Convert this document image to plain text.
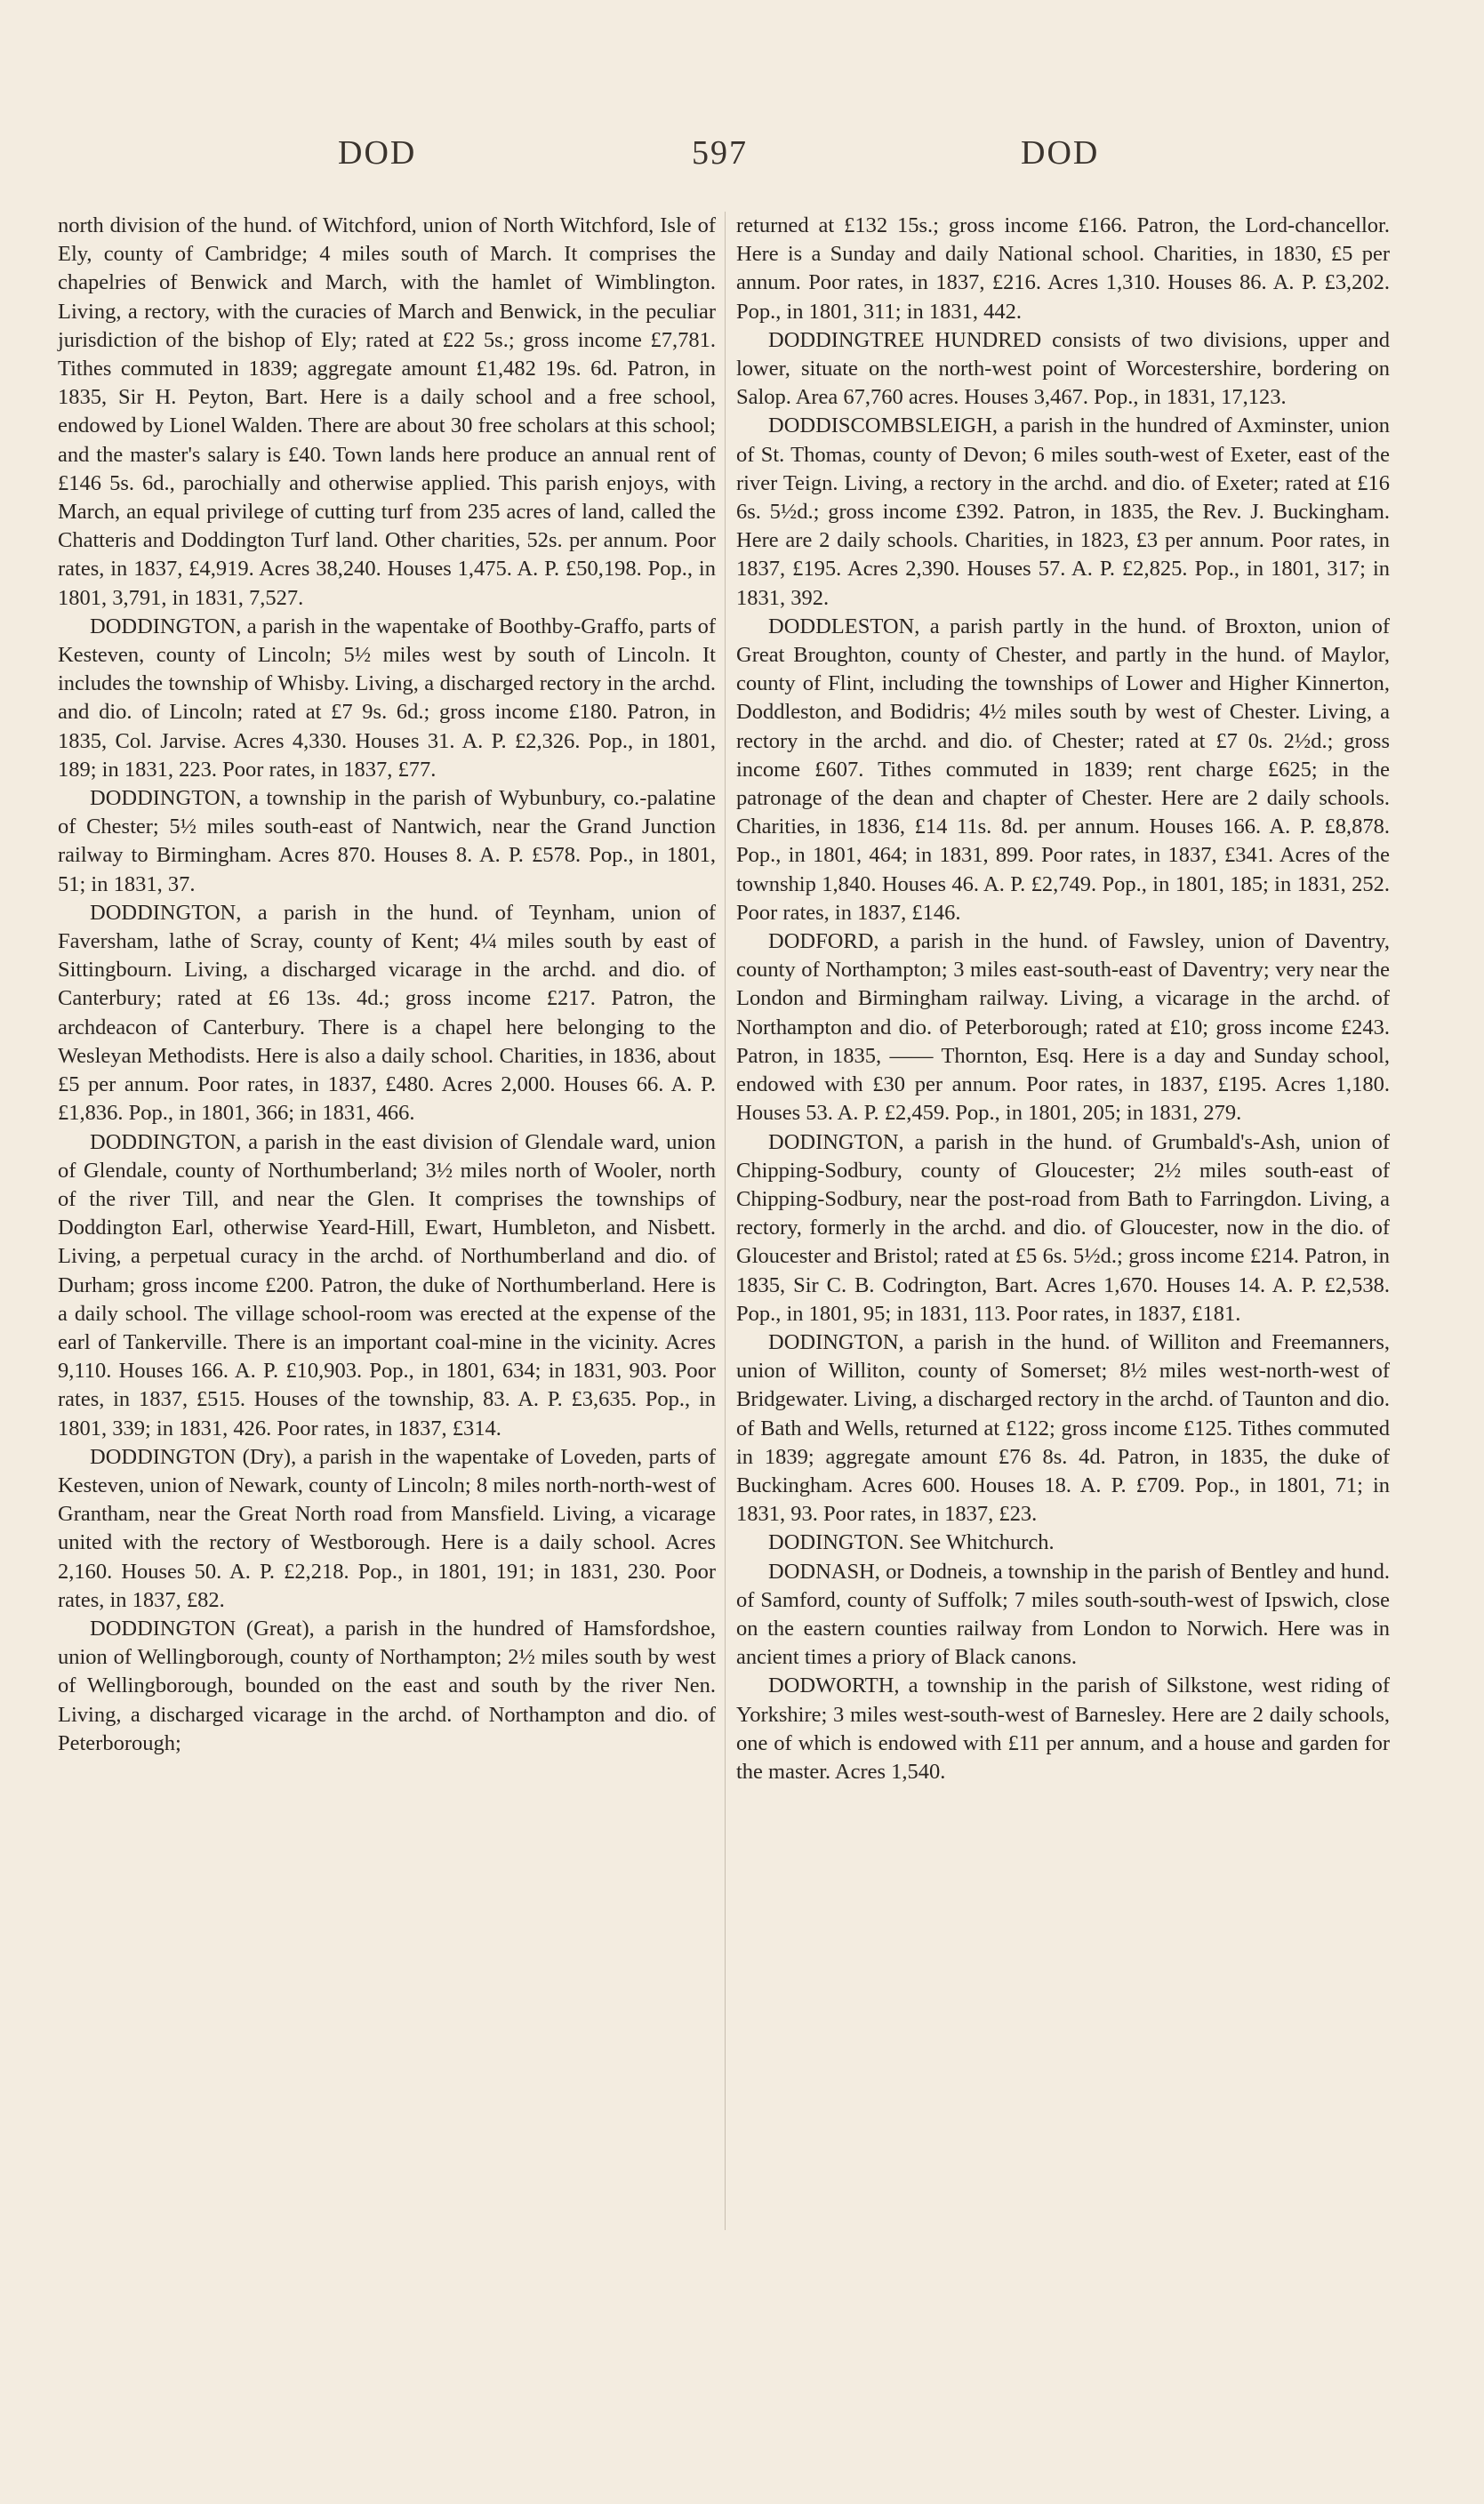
DOD	597	DOD

north division of the hund. of Witchford, union of North Witchford, Isle of Ely, county of Cambridge; 4 miles south of March. It comprises the chapelries of Benwick and March, with the hamlet of Wimblington. Living, a rectory, with the curacies of March and Benwick, in the peculiar jurisdiction of the bishop of Ely; rated at £22 5s.; gross income £7,781. Tithes commuted in 1839; aggregate amount £1,482 19s. 6d. Patron, in 1835, Sir H. Peyton, Bart. Here is a daily school and a free school, endowed by Lionel Walden. There are about 30 free scholars at this school; and the master's salary is £40. Town lands here produce an annual rent of £146 5s. 6d., parochially and otherwise applied. This parish enjoys, with March, an equal privilege of cutting turf from 235 acres of land, called the Chatteris and Doddington Turf land. Other charities, 52s. per annum. Poor rates, in 1837, £4,919. Acres 38,240. Houses 1,475. A. P. £50,198. Pop., in 1801, 3,791, in 1831, 7,527.

DODDINGTON, a parish in the wapentake of Boothby-Graffo, parts of Kesteven, county of Lincoln; 5½ miles west by south of Lincoln. It includes the township of Whisby. Living, a discharged rectory in the archd. and dio. of Lincoln; rated at £7 9s. 6d.; gross income £180. Patron, in 1835, Col. Jarvise. Acres 4,330. Houses 31. A. P. £2,326. Pop., in 1801, 189; in 1831, 223. Poor rates, in 1837, £77.

DODDINGTON, a township in the parish of Wybunbury, co.-palatine of Chester; 5½ miles south-east of Nantwich, near the Grand Junction railway to Birmingham. Acres 870. Houses 8. A. P. £578. Pop., in 1801, 51; in 1831, 37.

DODDINGTON, a parish in the hund. of Teynham, union of Faversham, lathe of Scray, county of Kent; 4¼ miles south by east of Sittingbourn. Living, a discharged vicarage in the archd. and dio. of Canterbury; rated at £6 13s. 4d.; gross income £217. Patron, the archdeacon of Canterbury. There is a chapel here belonging to the Wesleyan Methodists. Here is also a daily school. Charities, in 1836, about £5 per annum. Poor rates, in 1837, £480. Acres 2,000. Houses 66. A. P. £1,836. Pop., in 1801, 366; in 1831, 466.

DODDINGTON, a parish in the east division of Glendale ward, union of Glendale, county of Northumberland; 3½ miles north of Wooler, north of the river Till, and near the Glen. It comprises the townships of Doddington Earl, otherwise Yeard-Hill, Ewart, Humbleton, and Nisbett. Living, a perpetual curacy in the archd. of Northumberland and dio. of Durham; gross income £200. Patron, the duke of Northumberland. Here is a daily school. The village school-room was erected at the expense of the earl of Tankerville. There is an important coal-mine in the vicinity. Acres 9,110. Houses 166. A. P. £10,903. Pop., in 1801, 634; in 1831, 903. Poor rates, in 1837, £515. Houses of the township, 83. A. P. £3,635. Pop., in 1801, 339; in 1831, 426. Poor rates, in 1837, £314.

DODDINGTON (Dry), a parish in the wapentake of Loveden, parts of Kesteven, union of Newark, county of Lincoln; 8 miles north-north-west of Grantham, near the Great North road from Mansfield. Living, a vicarage united with the rectory of Westborough. Here is a daily school. Acres 2,160. Houses 50. A. P. £2,218. Pop., in 1801, 191; in 1831, 230. Poor rates, in 1837, £82.

DODDINGTON (Great), a parish in the hundred of Hamsfordshoe, union of Wellingborough, county of Northampton; 2½ miles south by west of Wellingborough, bounded on the east and south by the river Nen. Living, a discharged vicarage in the archd. of Northampton and dio. of Peterborough;

returned at £132 15s.; gross income £166. Patron, the Lord-chancellor. Here is a Sunday and daily National school. Charities, in 1830, £5 per annum. Poor rates, in 1837, £216. Acres 1,310. Houses 86. A. P. £3,202. Pop., in 1801, 311; in 1831, 442.

DODDINGTREE HUNDRED consists of two divisions, upper and lower, situate on the north-west point of Worcestershire, bordering on Salop. Area 67,760 acres. Houses 3,467. Pop., in 1831, 17,123.

DODDISCOMBSLEIGH, a parish in the hundred of Axminster, union of St. Thomas, county of Devon; 6 miles south-west of Exeter, east of the river Teign. Living, a rectory in the archd. and dio. of Exeter; rated at £16 6s. 5½d.; gross income £392. Patron, in 1835, the Rev. J. Buckingham. Here are 2 daily schools. Charities, in 1823, £3 per annum. Poor rates, in 1837, £195. Acres 2,390. Houses 57. A. P. £2,825. Pop., in 1801, 317; in 1831, 392.

DODDLESTON, a parish partly in the hund. of Broxton, union of Great Broughton, county of Chester, and partly in the hund. of Maylor, county of Flint, including the townships of Lower and Higher Kinnerton, Doddleston, and Bodidris; 4½ miles south by west of Chester. Living, a rectory in the archd. and dio. of Chester; rated at £7 0s. 2½d.; gross income £607. Tithes commuted in 1839; rent charge £625; in the patronage of the dean and chapter of Chester. Here are 2 daily schools. Charities, in 1836, £14 11s. 8d. per annum. Houses 166. A. P. £8,878. Pop., in 1801, 464; in 1831, 899. Poor rates, in 1837, £341. Acres of the township 1,840. Houses 46. A. P. £2,749. Pop., in 1801, 185; in 1831, 252. Poor rates, in 1837, £146.

DODFORD, a parish in the hund. of Fawsley, union of Daventry, county of Northampton; 3 miles east-south-east of Daventry; very near the London and Birmingham railway. Living, a vicarage in the archd. of Northampton and dio. of Peterborough; rated at £10; gross income £243. Patron, in 1835, —— Thornton, Esq. Here is a day and Sunday school, endowed with £30 per annum. Poor rates, in 1837, £195. Acres 1,180. Houses 53. A. P. £2,459. Pop., in 1801, 205; in 1831, 279.

DODINGTON, a parish in the hund. of Grumbald's-Ash, union of Chipping-Sodbury, county of Gloucester; 2½ miles south-east of Chipping-Sodbury, near the post-road from Bath to Farringdon. Living, a rectory, formerly in the archd. and dio. of Gloucester, now in the dio. of Gloucester and Bristol; rated at £5 6s. 5½d.; gross income £214. Patron, in 1835, Sir C. B. Codrington, Bart. Acres 1,670. Houses 14. A. P. £2,538. Pop., in 1801, 95; in 1831, 113. Poor rates, in 1837, £181.

DODINGTON, a parish in the hund. of Williton and Freemanners, union of Williton, county of Somerset; 8½ miles west-north-west of Bridgewater. Living, a discharged rectory in the archd. of Taunton and dio. of Bath and Wells, returned at £122; gross income £125. Tithes commuted in 1839; aggregate amount £76 8s. 4d. Patron, in 1835, the duke of Buckingham. Acres 600. Houses 18. A. P. £709. Pop., in 1801, 71; in 1831, 93. Poor rates, in 1837, £23.

DODINGTON. See Whitchurch.

DODNASH, or Dodneis, a township in the parish of Bentley and hund. of Samford, county of Suffolk; 7 miles south-south-west of Ipswich, close on the eastern counties railway from London to Norwich. Here was in ancient times a priory of Black canons.

DODWORTH, a township in the parish of Silkstone, west riding of Yorkshire; 3 miles west-south-west of Barnesley. Here are 2 daily schools, one of which is endowed with £11 per annum, and a house and garden for the master. Acres 1,540.
